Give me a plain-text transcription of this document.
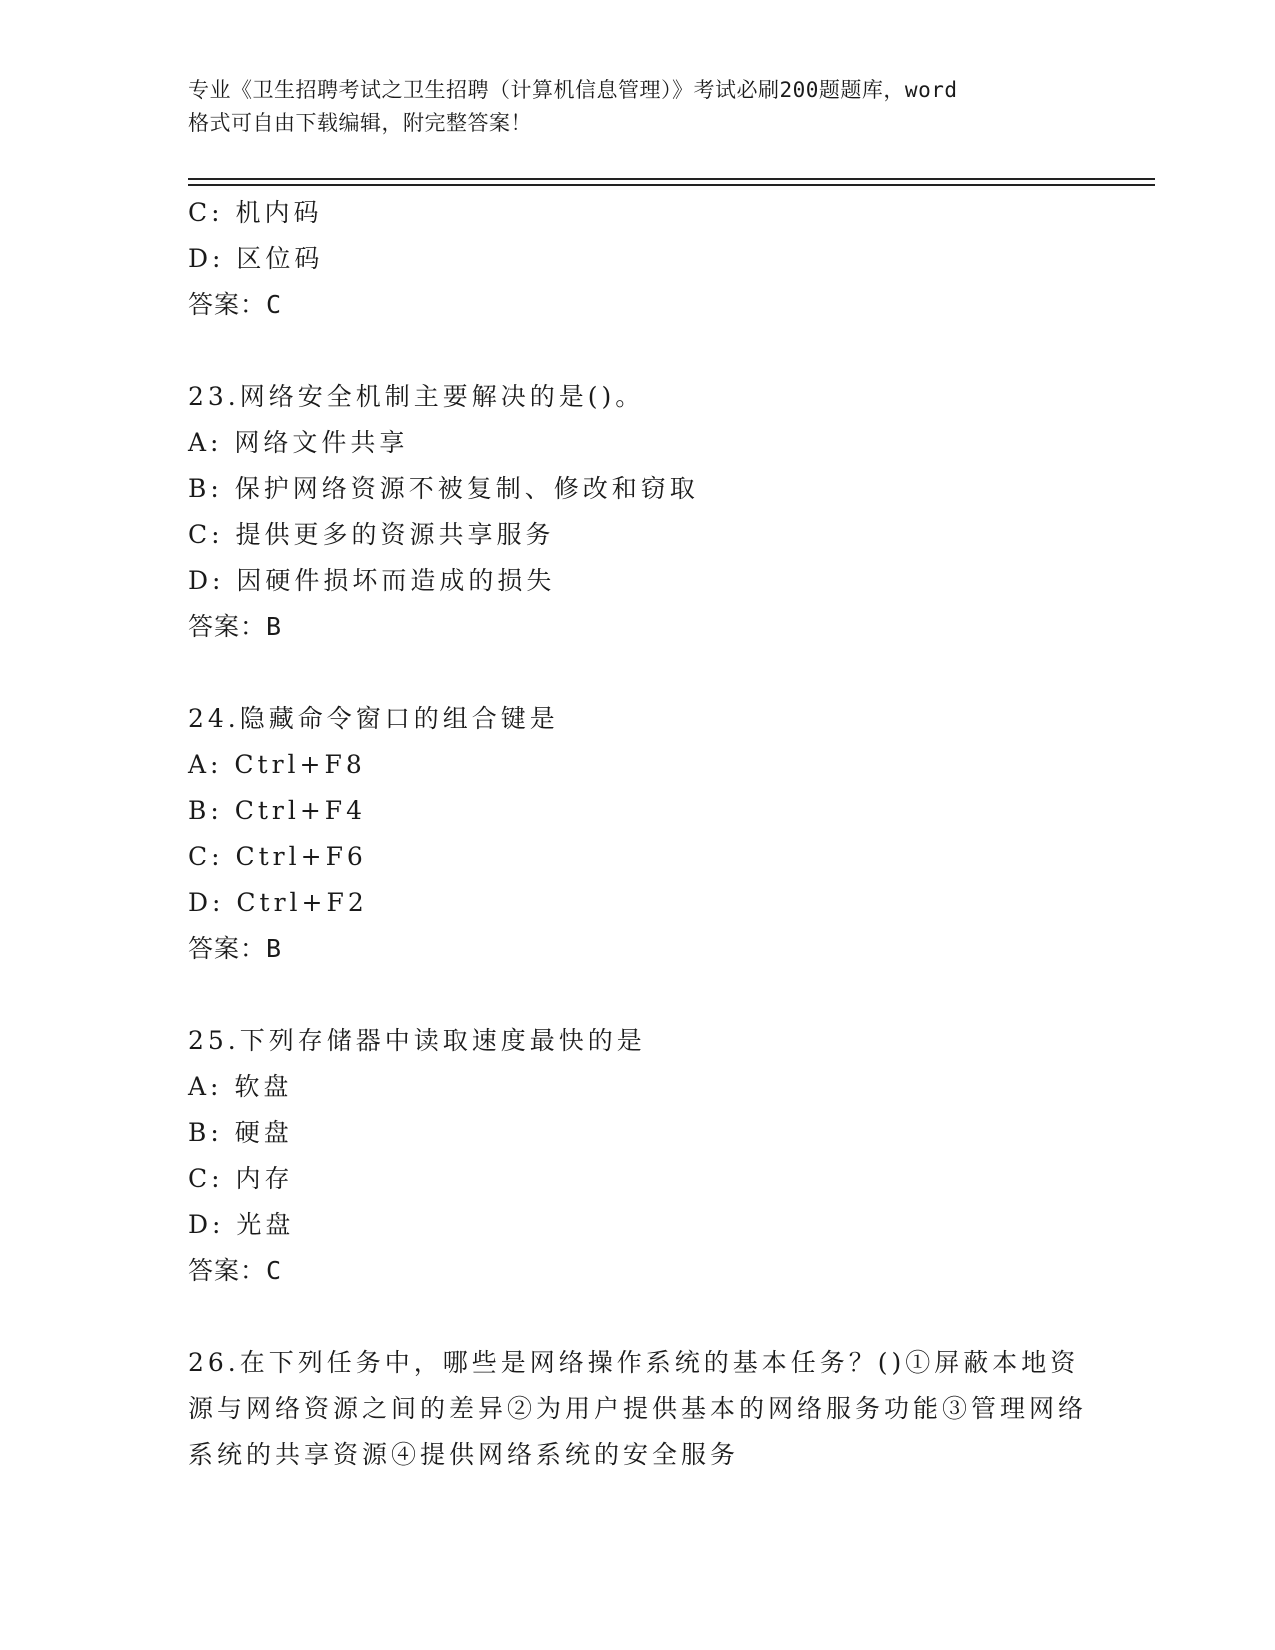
专业《卫生招聘考试之卫生招聘（计算机信息管理）》考试必刷200题题库，word
格式可自由下载编辑，附完整答案！
C: 机内码
D: 区位码
答案：C
23.网络安全机制主要解决的是()。
A: 网络文件共享
B: 保护网络资源不被复制、修改和窃取
C: 提供更多的资源共享服务
D: 因硬件损坏而造成的损失
答案：B
24.隐藏命令窗口的组合键是
A: Ctrl+F8
B: Ctrl+F4
C: Ctrl+F6
D: Ctrl+F2
答案：B
25.下列存储器中读取速度最快的是
A: 软盘
B: 硬盘
C: 内存
D: 光盘
答案：C
26.在下列任务中，哪些是网络操作系统的基本任务？()①屏蔽本地资源与网络资源之间的差异②为用户提供基本的网络服务功能③管理网络系统的共享资源④提供网络系统的安全服务
